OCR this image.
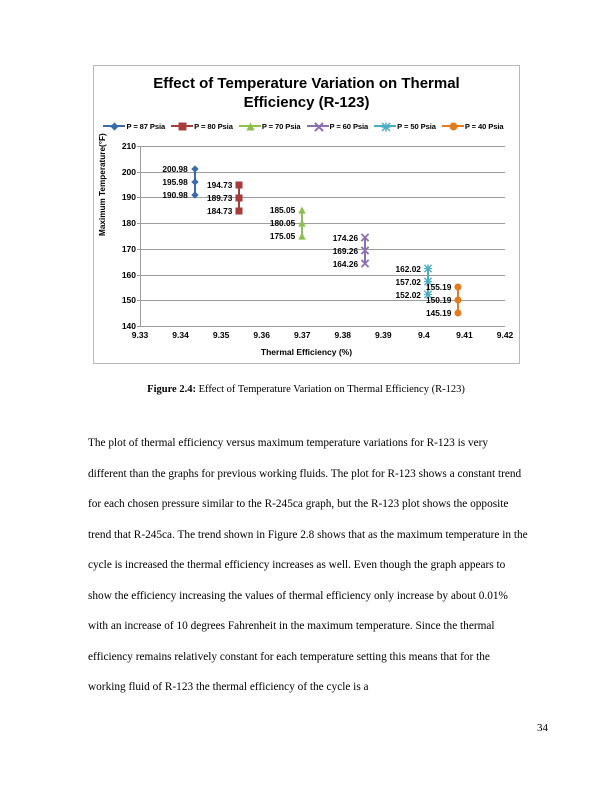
Effect of Temperature Variation on Thermal
Efficiency (R-123)
P = 87 Psia	P = 80 Psia	P = 70 Psia	P = 60 Psia	P = 50 Psia	P = 40 Psia
Maximum Temperature(°F)
Thermal Efficiency (%)
140
150
160
170
180
190
200
210
9.33	9.34	9.35	9.36	9.37	9.38	9.39	9.4	9.41	9.42
200.98
195.98
190.98
194.73
189.73
184.73	185.05
180.05
175.05	174.26
169.26
164.26
162.02
157.02
152.02
155.19
150.19
145.19
Figure 2.4: Effect of Temperature Variation on Thermal Efficiency (R-123)
The plot of thermal efficiency versus maximum temperature variations for R-123 is very different than the graphs for previous working fluids. The plot for R-123 shows a constant trend for each chosen pressure similar to the R-245ca graph, but the R-123 plot shows the opposite trend that R-245ca. The trend shown in Figure 2.8 shows that as the maximum temperature in the cycle is increased the thermal efficiency increases as well. Even though the graph appears to show the efficiency increasing the values of thermal efficiency only increase by about 0.01% with an increase of 10 degrees Fahrenheit in the maximum temperature. Since the thermal efficiency remains relatively constant for each temperature setting this means that for the working fluid of R-123 the thermal efficiency of the cycle is a
34
